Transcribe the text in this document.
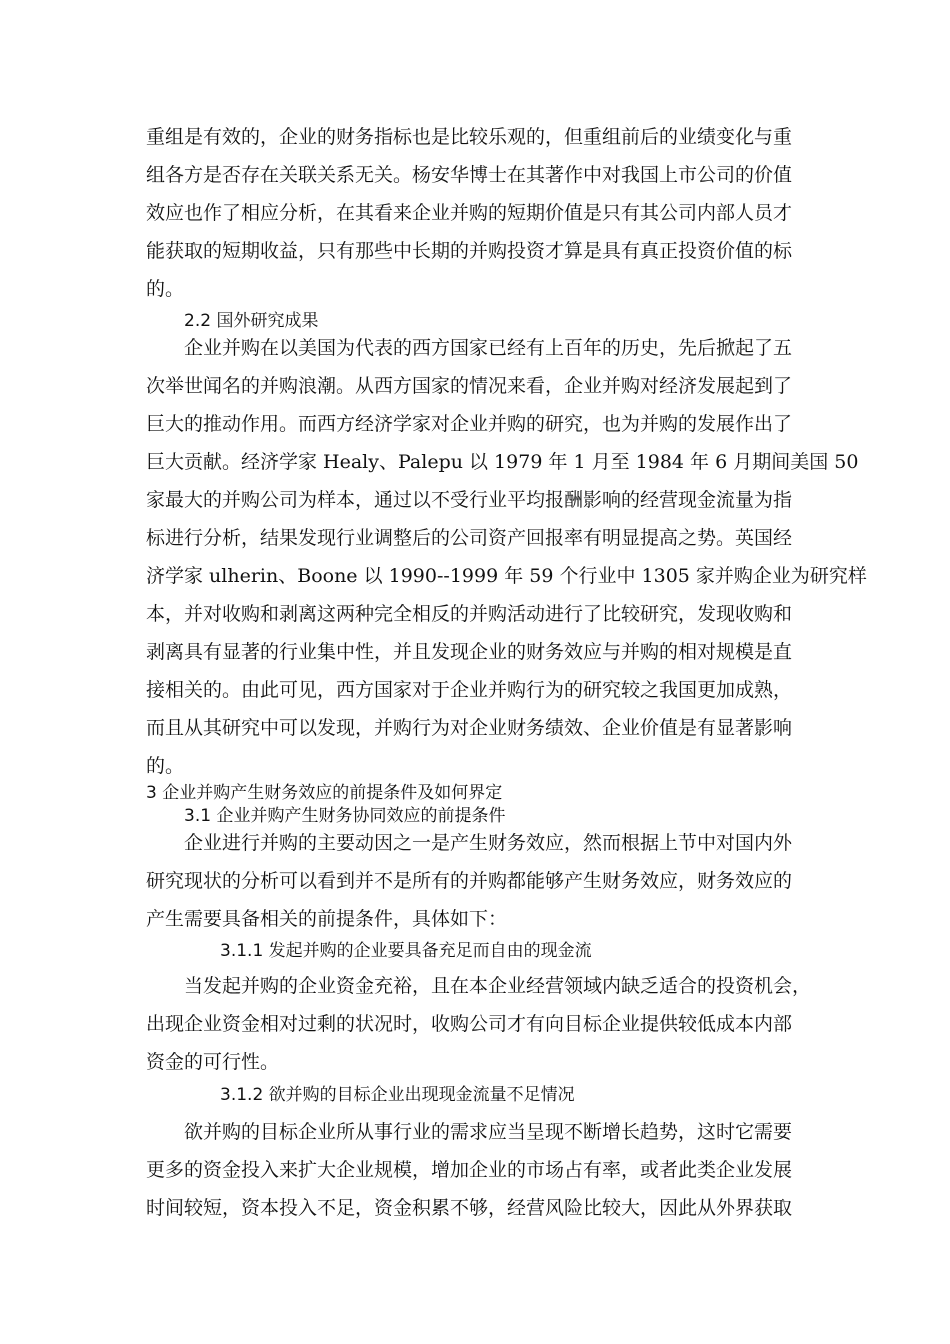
重组是有效的，企业的财务指标也是比较乐观的，但重组前后的业绩变化与重
组各方是否存在关联关系无关。杨安华博士在其著作中对我国上市公司的价值
效应也作了相应分析，在其看来企业并购的短期价值是只有其公司内部人员才
能获取的短期收益，只有那些中长期的并购投资才算是具有真正投资价值的标
的。
2.2 国外研究成果
　　企业并购在以美国为代表的西方国家已经有上百年的历史，先后掀起了五
次举世闻名的并购浪潮。从西方国家的情况来看，企业并购对经济发展起到了
巨大的推动作用。而西方经济学家对企业并购的研究，也为并购的发展作出了
巨大贡献。经济学家 Healy、Palepu 以 1979 年 1 月至 1984 年 6 月期间美国 50
家最大的并购公司为样本，通过以不受行业平均报酬影响的经营现金流量为指
标进行分析，结果发现行业调整后的公司资产回报率有明显提高之势。英国经
济学家 ulherin、Boone 以 1990--1999 年 59 个行业中 1305 家并购企业为研究样
本，并对收购和剥离这两种完全相反的并购活动进行了比较研究，发现收购和
剥离具有显著的行业集中性，并且发现企业的财务效应与并购的相对规模是直
接相关的。由此可见，西方国家对于企业并购行为的研究较之我国更加成熟，
而且从其研究中可以发现，并购行为对企业财务绩效、企业价值是有显著影响
的。
3 企业并购产生财务效应的前提条件及如何界定
3.1 企业并购产生财务协同效应的前提条件
　　企业进行并购的主要动因之一是产生财务效应，然而根据上节中对国内外
研究现状的分析可以看到并不是所有的并购都能够产生财务效应，财务效应的
产生需要具备相关的前提条件，具体如下：
3.1.1 发起并购的企业要具备充足而自由的现金流
　　当发起并购的企业资金充裕，且在本企业经营领域内缺乏适合的投资机会，
出现企业资金相对过剩的状况时，收购公司才有向目标企业提供较低成本内部
资金的可行性。
3.1.2 欲并购的目标企业出现现金流量不足情况
　　欲并购的目标企业所从事行业的需求应当呈现不断增长趋势，这时它需要
更多的资金投入来扩大企业规模，增加企业的市场占有率，或者此类企业发展
时间较短，资本投入不足，资金积累不够，经营风险比较大，因此从外界获取
